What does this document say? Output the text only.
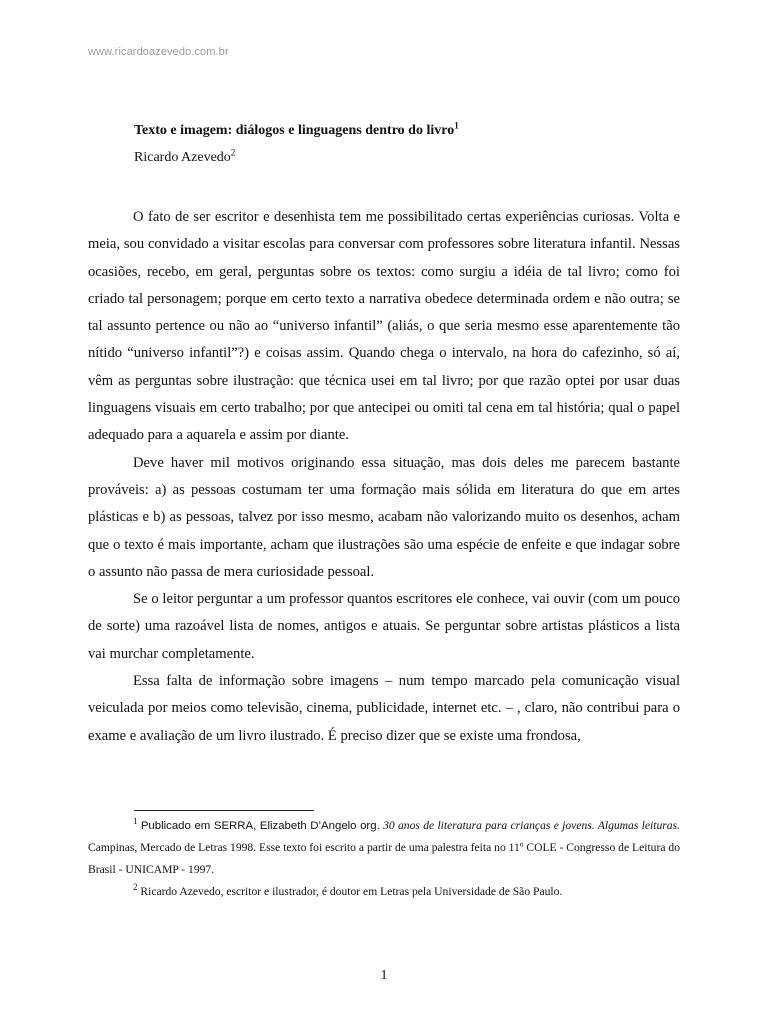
www.ricardoazevedo.com.br
Texto e imagem: diálogos e linguagens dentro do livro$^1$
Ricardo Azevedo$^2$

O fato de ser escritor e desenhista tem me possibilitado certas experiências curiosas. Volta e meia, sou convidado a visitar escolas para conversar com professores sobre literatura infantil. Nessas ocasiões, recebo, em geral, perguntas sobre os textos: como surgiu a idéia de tal livro; como foi criado tal personagem; porque em certo texto a narrativa obedece determinada ordem e não outra; se tal assunto pertence ou não ao “universo infantil” (aliás, o que seria mesmo esse aparentemente tão nítido “universo infantil”?) e coisas assim. Quando chega o intervalo, na hora do cafezinho, só aí, vêm as perguntas sobre ilustração: que técnica usei em tal livro; por que razão optei por usar duas linguagens visuais em certo trabalho; por que antecipei ou omiti tal cena em tal história; qual o papel adequado para a aquarela e assim por diante.

Deve haver mil motivos originando essa situação, mas dois deles me parecem bastante prováveis: a) as pessoas costumam ter uma formação mais sólida em literatura do que em artes plásticas e b) as pessoas, talvez por isso mesmo, acabam não valorizando muito os desenhos, acham que o texto é mais importante, acham que ilustrações são uma espécie de enfeite e que indagar sobre o assunto não passa de mera curiosidade pessoal.

Se o leitor perguntar a um professor quantos escritores ele conhece, vai ouvir (com um pouco de sorte) uma razoável lista de nomes, antigos e atuais. Se perguntar sobre artistas plásticos a lista vai murchar completamente.

Essa falta de informação sobre imagens – num tempo marcado pela comunicação visual veiculada por meios como televisão, cinema, publicidade, internet etc. – , claro, não contribui para o exame e avaliação de um livro ilustrado. É preciso dizer que se existe uma frondosa,

$^1$ Publicado em SERRA, Elizabeth D’Angelo org. 30 anos de literatura para crianças e jovens. Algumas leituras. Campinas, Mercado de Letras 1998. Esse texto foi escrito a partir de uma palestra feita no 11º COLE - Congresso de Leitura do Brasil - UNICAMP - 1997.

$^2$ Ricardo Azevedo, escritor e ilustrador, é doutor em Letras pela Universidade de São Paulo.

1
